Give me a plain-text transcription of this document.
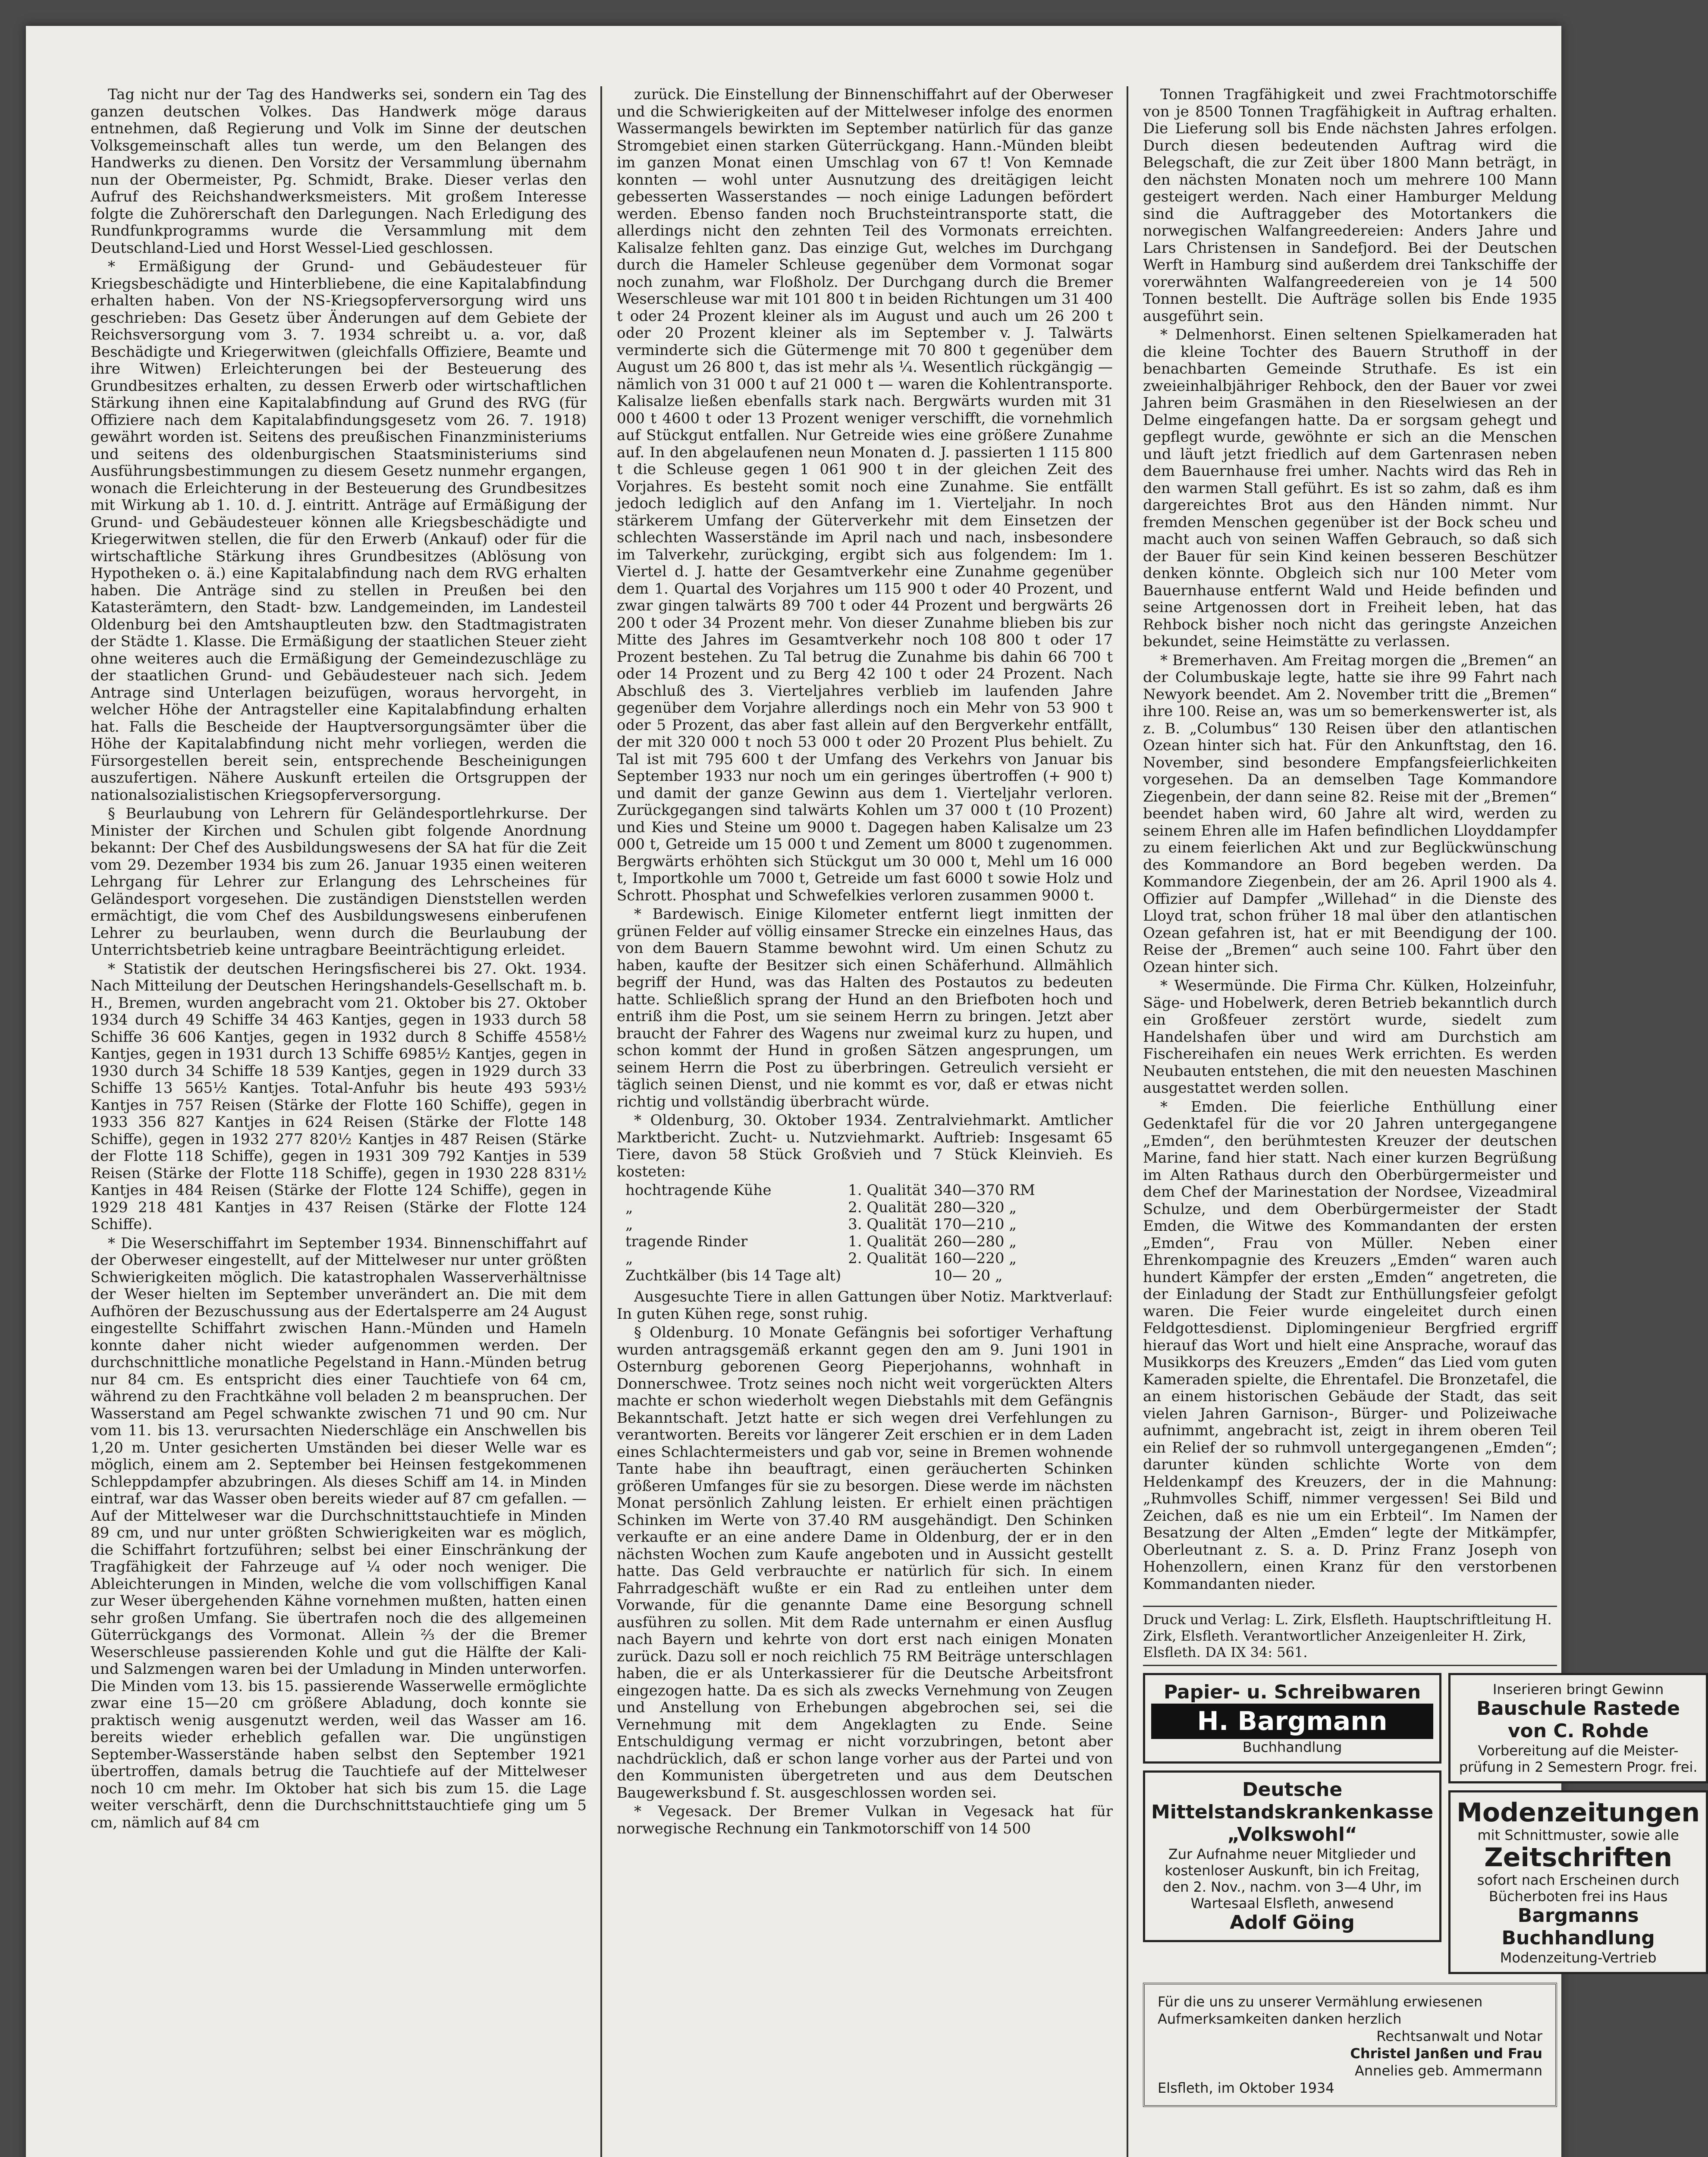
Tag nicht nur der Tag des Handwerks sei, sondern ein Tag des ganzen deutschen Volkes. Das Handwerk möge daraus entnehmen, daß Regierung und Volk im Sinne der deutschen Volksgemeinschaft alles tun werde, um den Belangen des Handwerks zu dienen. Den Vorsitz der Versammlung übernahm nun der Obermeister, Pg. Schmidt, Brake. Dieser verlas den Aufruf des Reichshandwerksmeisters. Mit großem Interesse folgte die Zuhörerschaft den Darlegungen. Nach Erledigung des Rundfunkprogramms wurde die Versammlung mit dem Deutschland-Lied und Horst Wessel-Lied geschlossen.

* Ermäßigung der Grund- und Gebäudesteuer für Kriegsbeschädigte und Hinterbliebene, die eine Kapitalabfindung erhalten haben. Von der NS-Kriegsopferversorgung wird uns geschrieben: Das Gesetz über Änderungen auf dem Gebiete der Reichsversorgung vom 3. 7. 1934 schreibt u. a. vor, daß Beschädigte und Kriegerwitwen (gleichfalls Offiziere, Beamte und ihre Witwen) Erleichterungen bei der Besteuerung des Grundbesitzes erhalten, zu dessen Erwerb oder wirtschaftlichen Stärkung ihnen eine Kapitalabfindung auf Grund des RVG (für Offiziere nach dem Kapitalabfindungsgesetz vom 26. 7. 1918) gewährt worden ist. Seitens des preußischen Finanzministeriums und seitens des oldenburgischen Staatsministeriums sind Ausführungsbestimmungen zu diesem Gesetz nunmehr ergangen, wonach die Erleichterung in der Besteuerung des Grundbesitzes mit Wirkung ab 1. 10. d. J. eintritt. Anträge auf Ermäßigung der Grund- und Gebäudesteuer können alle Kriegsbeschädigte und Kriegerwitwen stellen, die für den Erwerb (Ankauf) oder für die wirtschaftliche Stärkung ihres Grundbesitzes (Ablösung von Hypotheken o. ä.) eine Kapitalabfindung nach dem RVG erhalten haben. Die Anträge sind zu stellen in Preußen bei den Katasterämtern, den Stadt- bzw. Landgemeinden, im Landesteil Oldenburg bei den Amtshauptleuten bzw. den Stadtmagistraten der Städte 1. Klasse. Die Ermäßigung der staatlichen Steuer zieht ohne weiteres auch die Ermäßigung der Gemeindezuschläge zu der staatlichen Grund- und Gebäudesteuer nach sich. Jedem Antrage sind Unterlagen beizufügen, woraus hervorgeht, in welcher Höhe der Antragsteller eine Kapitalabfindung erhalten hat. Falls die Bescheide der Hauptversorgungsämter über die Höhe der Kapitalabfindung nicht mehr vorliegen, werden die Fürsorgestellen bereit sein, entsprechende Bescheinigungen auszufertigen. Nähere Auskunft erteilen die Ortsgruppen der nationalsozialistischen Kriegsopferversorgung.

§ Beurlaubung von Lehrern für Geländesportlehrkurse. Der Minister der Kirchen und Schulen gibt folgende Anordnung bekannt: Der Chef des Ausbildungswesens der SA hat für die Zeit vom 29. Dezember 1934 bis zum 26. Januar 1935 einen weiteren Lehrgang für Lehrer zur Erlangung des Lehrscheines für Geländesport vorgesehen. Die zuständigen Dienststellen werden ermächtigt, die vom Chef des Ausbildungswesens einberufenen Lehrer zu beurlauben, wenn durch die Beurlaubung der Unterrichtsbetrieb keine untragbare Beeinträchtigung erleidet.

* Statistik der deutschen Heringsfischerei bis 27. Okt. 1934. Nach Mitteilung der Deutschen Heringshandels-Gesellschaft m. b. H., Bremen, wurden angebracht vom 21. Oktober bis 27. Oktober 1934 durch 49 Schiffe 34 463 Kantjes, gegen in 1933 durch 58 Schiffe 36 606 Kantjes, gegen in 1932 durch 8 Schiffe 4558½ Kantjes, gegen in 1931 durch 13 Schiffe 6985½ Kantjes, gegen in 1930 durch 34 Schiffe 18 539 Kantjes, gegen in 1929 durch 33 Schiffe 13 565½ Kantjes. Total-Anfuhr bis heute 493 593½ Kantjes in 757 Reisen (Stärke der Flotte 160 Schiffe), gegen in 1933 356 827 Kantjes in 624 Reisen (Stärke der Flotte 148 Schiffe), gegen in 1932 277 820½ Kantjes in 487 Reisen (Stärke der Flotte 118 Schiffe), gegen in 1931 309 792 Kantjes in 539 Reisen (Stärke der Flotte 118 Schiffe), gegen in 1930 228 831½ Kantjes in 484 Reisen (Stärke der Flotte 124 Schiffe), gegen in 1929 218 481 Kantjes in 437 Reisen (Stärke der Flotte 124 Schiffe).

* Die Weserschiffahrt im September 1934. Binnenschiffahrt auf der Oberweser eingestellt, auf der Mittelweser nur unter größten Schwierigkeiten möglich. Die katastrophalen Wasserverhältnisse der Weser hielten im September unverändert an. Die mit dem Aufhören der Bezuschussung aus der Edertalsperre am 24 August eingestellte Schiffahrt zwischen Hann.-Münden und Hameln konnte daher nicht wieder aufgenommen werden. Der durchschnittliche monatliche Pegelstand in Hann.-Münden betrug nur 84 cm. Es entspricht dies einer Tauchtiefe von 64 cm, während zu den Frachtkähne voll beladen 2 m beanspruchen. Der Wasserstand am Pegel schwankte zwischen 71 und 90 cm. Nur vom 11. bis 13. verursachten Niederschläge ein Anschwellen bis 1,20 m. Unter gesicherten Umständen bei dieser Welle war es möglich, einem am 2. September bei Heinsen festgekommenen Schleppdampfer abzubringen. Als dieses Schiff am 14. in Minden eintraf, war das Wasser oben bereits wieder auf 87 cm gefallen. — Auf der Mittelweser war die Durchschnittstauchtiefe in Minden 89 cm, und nur unter größten Schwierigkeiten war es möglich, die Schiffahrt fortzuführen; selbst bei einer Einschränkung der Tragfähigkeit der Fahrzeuge auf ¼ oder noch weniger. Die Ableichterungen in Minden, welche die vom vollschiffigen Kanal zur Weser übergehenden Kähne vornehmen mußten, hatten einen sehr großen Umfang. Sie übertrafen noch die des allgemeinen Güterrückgangs des Vormonat. Allein ⅔ der die Bremer Weserschleuse passierenden Kohle und gut die Hälfte der Kali- und Salzmengen waren bei der Umladung in Minden unterworfen. Die Minden vom 13. bis 15. passierende Wasserwelle ermöglichte zwar eine 15—20 cm größere Abladung, doch konnte sie praktisch wenig ausgenutzt werden, weil das Wasser am 16. bereits wieder erheblich gefallen war. Die ungünstigen September-Wasserstände haben selbst den September 1921 übertroffen, damals betrug die Tauchtiefe auf der Mittelweser noch 10 cm mehr. Im Oktober hat sich bis zum 15. die Lage weiter verschärft, denn die Durchschnittstauchtiefe ging um 5 cm, nämlich auf 84 cm

zurück. Die Einstellung der Binnenschiffahrt auf der Oberweser und die Schwierigkeiten auf der Mittelweser infolge des enormen Wassermangels bewirkten im September natürlich für das ganze Stromgebiet einen starken Güterrückgang. Hann.-Münden bleibt im ganzen Monat einen Umschlag von 67 t! Von Kemnade konnten — wohl unter Ausnutzung des dreitägigen leicht gebesserten Wasserstandes — noch einige Ladungen befördert werden. Ebenso fanden noch Bruchsteintransporte statt, die allerdings nicht den zehnten Teil des Vormonats erreichten. Kalisalze fehlten ganz. Das einzige Gut, welches im Durchgang durch die Hameler Schleuse gegenüber dem Vormonat sogar noch zunahm, war Floßholz. Der Durchgang durch die Bremer Weserschleuse war mit 101 800 t in beiden Richtungen um 31 400 t oder 24 Prozent kleiner als im August und auch um 26 200 t oder 20 Prozent kleiner als im September v. J. Talwärts verminderte sich die Gütermenge mit 70 800 t gegenüber dem August um 26 800 t, das ist mehr als ¼. Wesentlich rückgängig — nämlich von 31 000 t auf 21 000 t — waren die Kohlentransporte. Kalisalze ließen ebenfalls stark nach. Bergwärts wurden mit 31 000 t 4600 t oder 13 Prozent weniger verschifft, die vornehmlich auf Stückgut entfallen. Nur Getreide wies eine größere Zunahme auf. In den abgelaufenen neun Monaten d. J. passierten 1 115 800 t die Schleuse gegen 1 061 900 t in der gleichen Zeit des Vorjahres. Es besteht somit noch eine Zunahme. Sie entfällt jedoch lediglich auf den Anfang im 1. Vierteljahr. In noch stärkerem Umfang der Güterverkehr mit dem Einsetzen der schlechten Wasserstände im April nach und nach, insbesondere im Talverkehr, zurückging, ergibt sich aus folgendem: Im 1. Viertel d. J. hatte der Gesamtverkehr eine Zunahme gegenüber dem 1. Quartal des Vorjahres um 115 900 t oder 40 Prozent, und zwar gingen talwärts 89 700 t oder 44 Prozent und bergwärts 26 200 t oder 34 Prozent mehr. Von dieser Zunahme blieben bis zur Mitte des Jahres im Gesamtverkehr noch 108 800 t oder 17 Prozent bestehen. Zu Tal betrug die Zunahme bis dahin 66 700 t oder 14 Prozent und zu Berg 42 100 t oder 24 Prozent. Nach Abschluß des 3. Vierteljahres verblieb im laufenden Jahre gegenüber dem Vorjahre allerdings noch ein Mehr von 53 900 t oder 5 Prozent, das aber fast allein auf den Bergverkehr entfällt, der mit 320 000 t noch 53 000 t oder 20 Prozent Plus behielt. Zu Tal ist mit 795 600 t der Umfang des Verkehrs von Januar bis September 1933 nur noch um ein geringes übertroffen (+ 900 t) und damit der ganze Gewinn aus dem 1. Vierteljahr verloren. Zurückgegangen sind talwärts Kohlen um 37 000 t (10 Prozent) und Kies und Steine um 9000 t. Dagegen haben Kalisalze um 23 000 t, Getreide um 15 000 t und Zement um 8000 t zugenommen. Bergwärts erhöhten sich Stückgut um 30 000 t, Mehl um 16 000 t, Importkohle um 7000 t, Getreide um fast 6000 t sowie Holz und Schrott. Phosphat und Schwefelkies verloren zusammen 9000 t.

* Bardewisch. Einige Kilometer entfernt liegt inmitten der grünen Felder auf völlig einsamer Strecke ein einzelnes Haus, das von dem Bauern Stamme bewohnt wird. Um einen Schutz zu haben, kaufte der Besitzer sich einen Schäferhund. Allmählich begriff der Hund, was das Halten des Postautos zu bedeuten hatte. Schließlich sprang der Hund an den Briefboten hoch und entriß ihm die Post, um sie seinem Herrn zu bringen. Jetzt aber braucht der Fahrer des Wagens nur zweimal kurz zu hupen, und schon kommt der Hund in großen Sätzen angesprungen, um seinem Herrn die Post zu überbringen. Getreulich versieht er täglich seinen Dienst, und nie kommt es vor, daß er etwas nicht richtig und vollständig überbracht würde.

* Oldenburg, 30. Oktober 1934. Zentralviehmarkt. Amtlicher Marktbericht. Zucht- u. Nutzviehmarkt. Auftrieb: Insgesamt 65 Tiere, davon 58 Stück Großvieh und 7 Stück Kleinvieh. Es kosteten:

hochtragende Kühe	1. Qualität	340—370 RM
„	2. Qualität	280—320 „
„	3. Qualität	170—210 „
tragende Rinder	1. Qualität	260—280 „
„	2. Qualität	160—220 „
Zuchtkälber (bis 14 Tage alt)		10— 20 „

Ausgesuchte Tiere in allen Gattungen über Notiz. Marktverlauf: In guten Kühen rege, sonst ruhig.

§ Oldenburg. 10 Monate Gefängnis bei sofortiger Verhaftung wurden antragsgemäß erkannt gegen den am 9. Juni 1901 in Osternburg geborenen Georg Pieperjohanns, wohnhaft in Donnerschwee. Trotz seines noch nicht weit vorgerückten Alters machte er schon wiederholt wegen Diebstahls mit dem Gefängnis Bekanntschaft. Jetzt hatte er sich wegen drei Verfehlungen zu verantworten. Bereits vor längerer Zeit erschien er in dem Laden eines Schlachtermeisters und gab vor, seine in Bremen wohnende Tante habe ihn beauftragt, einen geräucherten Schinken größeren Umfanges für sie zu besorgen. Diese werde im nächsten Monat persönlich Zahlung leisten. Er erhielt einen prächtigen Schinken im Werte von 37.40 RM ausgehändigt. Den Schinken verkaufte er an eine andere Dame in Oldenburg, der er in den nächsten Wochen zum Kaufe angeboten und in Aussicht gestellt hatte. Das Geld verbrauchte er natürlich für sich. In einem Fahrradgeschäft wußte er ein Rad zu entleihen unter dem Vorwande, für die genannte Dame eine Besorgung schnell ausführen zu sollen. Mit dem Rade unternahm er einen Ausflug nach Bayern und kehrte von dort erst nach einigen Monaten zurück. Dazu soll er noch reichlich 75 RM Beiträge unterschlagen haben, die er als Unterkassierer für die Deutsche Arbeitsfront eingezogen hatte. Da es sich als zwecks Vernehmung von Zeugen und Anstellung von Erhebungen abgebrochen sei, sei die Vernehmung mit dem Angeklagten zu Ende. Seine Entschuldigung vermag er nicht vorzubringen, betont aber nachdrücklich, daß er schon lange vorher aus der Partei und von den Kommunisten übergetreten und aus dem Deutschen Baugewerksbund f. St. ausgeschlossen worden sei.

* Vegesack. Der Bremer Vulkan in Vegesack hat für norwegische Rechnung ein Tankmotorschiff von 14 500

Tonnen Tragfähigkeit und zwei Frachtmotorschiffe von je 8500 Tonnen Tragfähigkeit in Auftrag erhalten. Die Lieferung soll bis Ende nächsten Jahres erfolgen. Durch diesen bedeutenden Auftrag wird die Belegschaft, die zur Zeit über 1800 Mann beträgt, in den nächsten Monaten noch um mehrere 100 Mann gesteigert werden. Nach einer Hamburger Meldung sind die Auftraggeber des Motortankers die norwegischen Walfangreedereien: Anders Jahre und Lars Christensen in Sandefjord. Bei der Deutschen Werft in Hamburg sind außerdem drei Tankschiffe der vorerwähnten Walfangreedereien von je 14 500 Tonnen bestellt. Die Aufträge sollen bis Ende 1935 ausgeführt sein.

* Delmenhorst. Einen seltenen Spielkameraden hat die kleine Tochter des Bauern Struthoff in der benachbarten Gemeinde Struthafe. Es ist ein zweieinhalbjähriger Rehbock, den der Bauer vor zwei Jahren beim Grasmähen in den Rieselwiesen an der Delme eingefangen hatte. Da er sorgsam gehegt und gepflegt wurde, gewöhnte er sich an die Menschen und läuft jetzt friedlich auf dem Gartenrasen neben dem Bauernhause frei umher. Nachts wird das Reh in den warmen Stall geführt. Es ist so zahm, daß es ihm dargereichtes Brot aus den Händen nimmt. Nur fremden Menschen gegenüber ist der Bock scheu und macht auch von seinen Waffen Gebrauch, so daß sich der Bauer für sein Kind keinen besseren Beschützer denken könnte. Obgleich sich nur 100 Meter vom Bauernhause entfernt Wald und Heide befinden und seine Artgenossen dort in Freiheit leben, hat das Rehbock bisher noch nicht das geringste Anzeichen bekundet, seine Heimstätte zu verlassen.

* Bremerhaven. Am Freitag morgen die „Bremen“ an der Columbuskaje legte, hatte sie ihre 99 Fahrt nach Newyork beendet. Am 2. November tritt die „Bremen“ ihre 100. Reise an, was um so bemerkenswerter ist, als z. B. „Columbus“ 130 Reisen über den atlantischen Ozean hinter sich hat. Für den Ankunftstag, den 16. November, sind besondere Empfangsfeierlichkeiten vorgesehen. Da an demselben Tage Kommandore Ziegenbein, der dann seine 82. Reise mit der „Bremen“ beendet haben wird, 60 Jahre alt wird, werden zu seinem Ehren alle im Hafen befindlichen Lloyddampfer zu einem feierlichen Akt und zur Beglückwünschung des Kommandore an Bord begeben werden. Da Kommandore Ziegenbein, der am 26. April 1900 als 4. Offizier auf Dampfer „Willehad“ in die Dienste des Lloyd trat, schon früher 18 mal über den atlantischen Ozean gefahren ist, hat er mit Beendigung der 100. Reise der „Bremen“ auch seine 100. Fahrt über den Ozean hinter sich.

* Wesermünde. Die Firma Chr. Külken, Holzeinfuhr, Säge- und Hobelwerk, deren Betrieb bekanntlich durch ein Großfeuer zerstört wurde, siedelt zum Handelshafen über und wird am Durchstich am Fischereihafen ein neues Werk errichten. Es werden Neubauten entstehen, die mit den neuesten Maschinen ausgestattet werden sollen.

* Emden. Die feierliche Enthüllung einer Gedenktafel für die vor 20 Jahren untergegangene „Emden“, den berühmtesten Kreuzer der deutschen Marine, fand hier statt. Nach einer kurzen Begrüßung im Alten Rathaus durch den Oberbürgermeister und dem Chef der Marinestation der Nordsee, Vizeadmiral Schulze, und dem Oberbürgermeister der Stadt Emden, die Witwe des Kommandanten der ersten „Emden“, Frau von Müller. Neben einer Ehrenkompagnie des Kreuzers „Emden“ waren auch hundert Kämpfer der ersten „Emden“ angetreten, die der Einladung der Stadt zur Enthüllungsfeier gefolgt waren. Die Feier wurde eingeleitet durch einen Feldgottesdienst. Diplomingenieur Bergfried ergriff hierauf das Wort und hielt eine Ansprache, worauf das Musikkorps des Kreuzers „Emden“ das Lied vom guten Kameraden spielte, die Ehrentafel. Die Bronzetafel, die an einem historischen Gebäude der Stadt, das seit vielen Jahren Garnison-, Bürger- und Polizeiwache aufnimmt, angebracht ist, zeigt in ihrem oberen Teil ein Relief der so ruhmvoll untergegangenen „Emden“; darunter künden schlichte Worte von dem Heldenkampf des Kreuzers, der in die Mahnung: „Ruhmvolles Schiff, nimmer vergessen! Sei Bild und Zeichen, daß es nie um ein Erbteil“. Im Namen der Besatzung der Alten „Emden“ legte der Mitkämpfer, Oberleutnant z. S. a. D. Prinz Franz Joseph von Hohenzollern, einen Kranz für den verstorbenen Kommandanten nieder.

Druck und Verlag: L. Zirk, Elsfleth. Hauptschriftleitung H. Zirk, Elsfleth. Verantwortlicher Anzeigenleiter H. Zirk, Elsfleth. DA IX 34: 561.
Papier- u. Schreibwaren
H. Bargmann
Buchhandlung
Deutsche Mittelstandskrankenkasse „Volkswohl“
Zur Aufnahme neuer Mitglieder und kostenloser Auskunft, bin ich Freitag, den 2. Nov., nachm. von 3—4 Uhr, im Wartesaal Elsfleth, anwesend
Adolf Göing
Inserieren bringt Gewinn
Bauschule Rastede
von C. Rohde
Vorbereitung auf die Meister-prüfung in 2 Semestern Progr. frei.
Modenzeitungen
mit Schnittmuster, sowie alle
Zeitschriften
sofort nach Erscheinen durch Bücherboten frei ins Haus
Bargmanns Buchhandlung
Modenzeitung-Vertrieb
Für die uns zu unserer Vermählung erwiesenen Aufmerksamkeiten danken herzlich
Rechtsanwalt und Notar
Christel Janßen und Frau
Annelies geb. Ammermann
Elsfleth, im Oktober 1934
